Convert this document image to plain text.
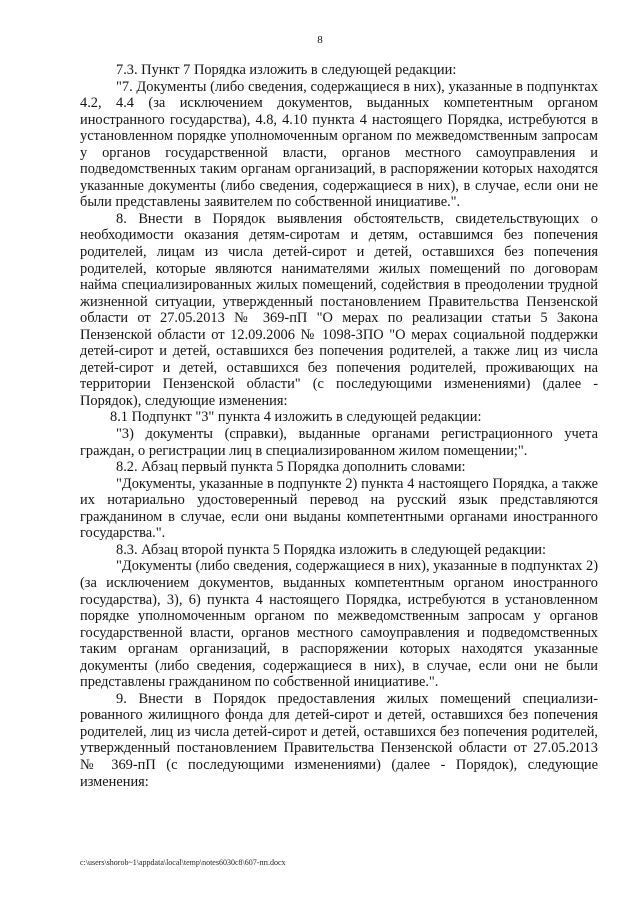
8

7.3. Пункт 7 Порядка изложить в следующей редакции:

"7. Документы (либо сведения, содержащиеся в них), указанные в подпунктах 4.2, 4.4 (за исключением документов, выданных компетентным органом иностранного государства), 4.8, 4.10 пункта 4 настоящего Порядка, истребуются в установленном порядке уполномоченным органом по межведомственным запросам у органов государственной власти, органов местного самоуправления и подведомственных таким органам организаций, в распоряжении которых находятся указанные документы (либо сведения, содержащиеся в них), в случае, если они не были представлены заявителем по собственной инициативе.".

8. Внести в Порядок выявления обстоятельств, свидетельствующих о необходимости оказания детям-сиротам и детям, оставшимся без попечения родителей, лицам из числа детей-сирот и детей, оставшихся без попечения родителей, которые являются нанимателями жилых помещений по договорам найма специализированных жилых помещений, содействия в преодолении трудной жизненной ситуации, утвержденный постановлением Правительства Пензенской области от 27.05.2013 № 369-пП "О мерах по реализации статьи 5 Закона Пензенской области от 12.09.2006 № 1098-ЗПО "О мерах социальной поддержки детей-сирот и детей, оставшихся без попечения родителей, а также лиц из числа детей-сирот и детей, оставшихся без попечения родителей, проживающих на территории Пензенской области" (с последующими изменениями) (далее - Порядок), следующие изменения:

8.1 Подпункт "3" пункта 4 изложить в следующей редакции:

"3) документы (справки), выданные органами регистрационного учета граждан, о регистрации лиц в специализированном жилом помещении;".

8.2. Абзац первый пункта 5 Порядка дополнить словами:

"Документы, указанные в подпункте 2) пункта 4 настоящего Порядка, а также их нотариально удостоверенный перевод на русский язык представляются гражданином в случае, если они выданы компетентными органами иностранного государства.".

8.3. Абзац второй пункта 5 Порядка изложить в следующей редакции:

"Документы (либо сведения, содержащиеся в них), указанные в подпунктах 2) (за исключением документов, выданных компетентным органом иностранного государства), 3), 6) пункта 4 настоящего Порядка, истребуются в установленном порядке уполномоченным органом по межведомственным запросам у органов государственной власти, органов местного самоуправления и подведомственных таким органам организаций, в распоряжении которых находятся указанные документы (либо сведения, содержащиеся в них), в случае, если они не были представлены гражданином по собственной инициативе.".

9. Внести в Порядок предоставления жилых помещений специализи-рованного жилищного фонда для детей-сирот и детей, оставшихся без попечения родителей, лиц из числа детей-сирот и детей, оставшихся без попечения родителей, утвержденный постановлением Правительства Пензенской области от 27.05.2013 № 369-пП (с последующими изменениями) (далее - Порядок), следующие изменения:

c:\users\shorob~1\appdata\local\temp\notes6030c8\607-пп.docx
